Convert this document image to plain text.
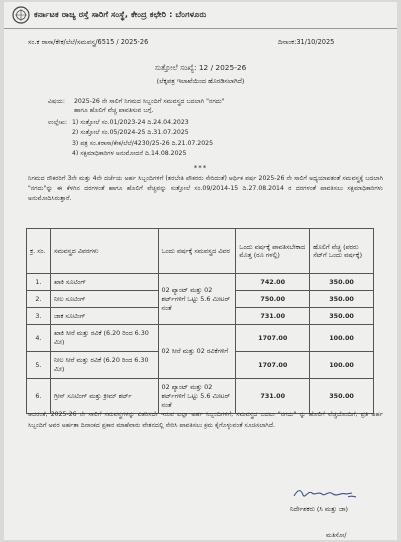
ಕರ್ನಾಟಕ ರಾಜ್ಯ ರಸ್ತೆ ಸಾರಿಗೆ ಸಂಸ್ಥೆ, ಕೇಂದ್ರ ಕಛೇರಿ : ಬೆಂಗಳೂರು
ಸಂ.ಕ ರಾಸಾ/ಕೇಕ/ಲೆಲೆ/ಸಮವಸ್ತ್ರ/6515 / 2025-26	ದಿನಾಂಕ:31/10/2025
ಸುತ್ತೋಲೆ ಸಂಖ್ಯೆ: 12 / 2025-26
(ಲೆಕ್ಕಪತ್ರ ಇಲಾಖೆಯಿಂದ ಹೊರಡಿಸಲಾಗಿದೆ)
ವಿಷಯ: 2025-26 ನೇ ಸಾಲಿಗೆ ನಿಗಮದ ಸಿಬ್ಬಂದಿಗೆ ಸಮವಸ್ತ್ರದ ಬದಲಾಗಿ "ನಗದು"
ಹಾಗೂ ಹೊಲಿಗೆ ವೆಚ್ಚ ಪಾವತಿಸುವ ಬಗ್ಗೆ.
ಉಲ್ಲೇಖ: 1) ಸುತ್ತೋಲೆ ಸಂ.01/2023-24 ದಿ.24.04.2023
2) ಸುತ್ತೋಲೆ ಸಂ.05/2024-25 ದಿ.31.07.2025
3) ಪತ್ರ ಸಂ.ಕರಾಸಾ/ಕೇಕ/ಲೆಲೆ/4230/25-26 ದಿ.21.07.2025
4) ಸಕ್ಷಮಾಧಿಕಾರಿಗಳ ಅನುಮೋದನೆ ದಿ.14.08.2025
***
ನಿಗಮದ ನೌಕರರಿಗೆ 3ನೇ ಮತ್ತು 4ನೇ ದರ್ಜೆಯ ಅರ್ಹ ಸಿಬ್ಬಂದಿಗಳಿಗೆ (ತರಬೇತಿ ಪೌಕರರು ಸೇರಿದಂತೆ) ಆರ್ಥಿಕ ವರ್ಷ 2025-26 ನೇ ಸಾಲಿಗೆ ಅಧ್ಯಯಾಪತಂತೆ ಸಮವಸ್ತ್ರಕ್ಕೆ ಬದಲಾಗಿ "ನಗದು"ನ್ನು ಈ ಕೆಳಗಿನ ದರಗಳಂತೆ ಹಾಗೂ ಹೊಲಿಗೆ ವೆಚ್ಚವನ್ನು ಸುತ್ತೋಲೆ ಸಂ.09/2014-15 ದಿ.27.08.2014 ರ ದರಗಳಂತೆ ಪಾವತಿಸಲು ಸಕ್ಷಮಾಧಿಕಾರಿಗಳು ಅನುಮೋದಿಸಿರುತ್ತಾರೆ.
ಕ್ರ. ಸಂ.	ಸಮವಸ್ತ್ರದ ವಿವರಗಳು	ಒಂದು ವರ್ಷಕ್ಕೆ ಸಮವಸ್ತ್ರದ ವಿವರ	ಒಂದು ವರ್ಷಕ್ಕೆ ಪಾವತಿಸಬೇಕಾದ ಮೊತ್ತ (ರೂ ಗಳಲ್ಲಿ)	ಹೊಲಿಗೆ ವೆಚ್ಚ (ಪರರು ಸೆಟ್‌ಗೆ ಒಂದು ವರ್ಷಕ್ಕೆ)
1.	ಖಾಕಿ ಸೂಟಿಂಗ್	02 ಪ್ಯಾಂಟ್ ಮತ್ತು 02 ಶರ್ಟ್‌ಗಳಿಗೆ ಒಟ್ಟು 5.6 ಮೀಟರ್ ನಂತೆ	742.00	350.00
2.	ನೀಲ ಸೂಟಿಂಗ್		750.00	350.00
3.	ಜಾಕ ಸೂಟಿಂಗ್		731.00	350.00
4.	ಖಾಕಿ ಸೀರೆ ಮತ್ತು ರವಿಕೆ (6.20 ರಿಂದ 6.30 ಮೀ)	02 ಸೀರೆ ಮತ್ತು 02 ರವಿಕೆಗಳಿಗೆ	1707.00	100.00
5.	ನೀಲ ಸೀರೆ ಮತ್ತು ರವಿಕೆ (6.20 ರಿಂದ 6.30 ಮೀ)		1707.00	100.00
6.	ಗ್ರೀನ್ ಸೂಟಿಂಗ್ ಮತ್ತು ಕ್ರೀಮ್ ಶರ್ಟ್	02 ಪ್ಯಾಂಟ್ ಮತ್ತು 02 ಶರ್ಟ್‌ಗಳಿಗೆ ಒಟ್ಟು 5.6 ಮೀಟರ್ ನಂತೆ	731.00	350.00
ಆದರಂತೆ, 2025-26 ನೇ ಸಾಲಿಗೆ ಸಮವಸ್ತ್ರಗಳನ್ನು ವಿತರಿಸದೇ ಇರುವ ಎಲ್ಲಾ ಅರ್ಹ ಸಿಬ್ಬಂದಿಗಳಿಗೆ, ಸಮವಸ್ತ್ರದ ಬದಲು "ನಗದು" ನ್ನು ಹೊಲಿಗೆ ವೆಚ್ಚದೊಂದಿಗೆ, ಪ್ರತಿ ಅರ್ಹ ಸಿಬ್ಬಂದಿಗೆ ಅವರ ಅರ್ಹತಾ ದಿನಾಂಕದ ಪ್ರಕಾರ ಮಾಹೆವಾರು ವೇತನದಲ್ಲಿ ಸೇರಿಸಿ ಪಾವತಿಸಲು ಕ್ರಮ ಕೈಗೊಳ್ಳುವಂತೆ ಸೂಚಿಸಲಾಗಿದೆ.
ನಿರ್ದೇಶಕರು (ಸಿ ಮತ್ತು ಜಾ)
ಮತಿಸೋ/
